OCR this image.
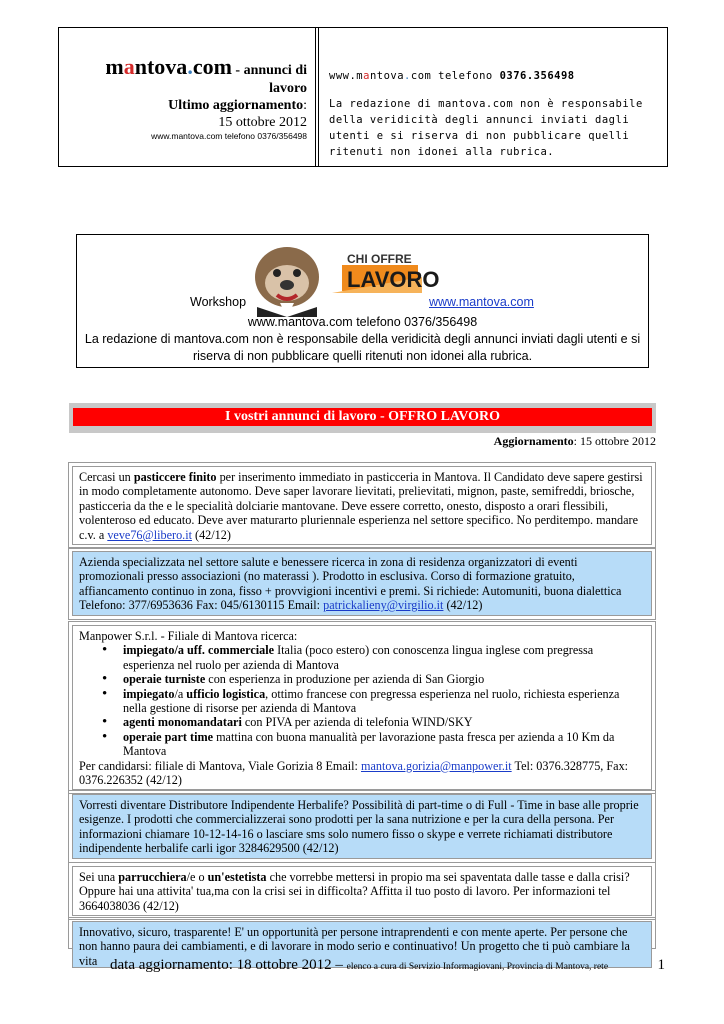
mantova.com - annunci di
lavoro
Ultimo aggiornamento:
15 ottobre 2012
www.mantova.com telefono 0376/356498
www.mantova.com telefono 0376.356498
La redazione di mantova.com non è responsabile della veridicità degli annunci inviati dagli utenti e si riserva di non pubblicare quelli ritenuti non idonei alla rubrica.
CHI OFFRE
LAVORO
Workshop	www.mantova.com
www.mantova.com telefono 0376/356498
La redazione di mantova.com non è responsabile della veridicità degli annunci inviati dagli utenti e si
riserva di non pubblicare quelli ritenuti non idonei alla rubrica.
I vostri annunci di lavoro - OFFRO LAVORO
Aggiornamento: 15 ottobre 2012
Cercasi un pasticcere finito per inserimento immediato in pasticceria in Mantova. Il Candidato deve sapere gestirsi in modo completamente autonomo. Deve saper lavorare lievitati, prelievitati, mignon, paste, semifreddi, briosche, pasticceria da the e le specialità dolciarie mantovane. Deve essere corretto, onesto, disposto a orari flessibili, volenteroso ed educato. Deve aver maturarto pluriennale esperienza nel settore specifico. No perditempo. mandare c.v. a veve76@libero.it (42/12)
Azienda specializzata nel settore salute e benessere ricerca in zona di residenza organizzatori di eventi promozionali presso associazioni (no materassi ). Prodotto in esclusiva. Corso di formazione gratuito, affiancamento continuo in zona, fisso + provvigioni incentivi e premi. Si richiede: Automuniti, buona dialettica Telefono: 377/6953636 Fax: 045/6130115 Email: patrickalieny@virgilio.it (42/12)
Manpower S.r.l. - Filiale di Mantova ricerca:
• impiegato/a uff. commerciale Italia (poco estero) con conoscenza lingua inglese com pregressa esperienza nel ruolo per azienda di Mantova
• operaie turniste con esperienza in produzione per azienda di San Giorgio
• impiegato/a ufficio logistica, ottimo francese con pregressa esperienza nel ruolo, richiesta esperienza nella gestione di risorse per azienda di Mantova
• agenti monomandatari con PIVA per azienda di telefonia WIND/SKY
• operaie part time mattina con buona manualità per lavorazione pasta fresca per azienda a 10 Km da Mantova
Per candidarsi: filiale di Mantova, Viale Gorizia 8 Email: mantova.gorizia@manpower.it Tel: 0376.328775, Fax: 0376.226352 (42/12)
Vorresti diventare Distributore Indipendente Herbalife? Possibilità di part-time o di Full - Time in base alle proprie esigenze. I prodotti che commercializzerai sono prodotti per la sana nutrizione e per la cura della persona. Per informazioni chiamare 10-12-14-16 o lasciare sms solo numero fisso o skype e verrete richiamati distributore indipendente herbalife carli igor 3284629500 (42/12)
Sei una parrucchiera/e o un'estetista che vorrebbe mettersi in propio ma sei spaventata dalle tasse e dalla crisi? Oppure hai una attivita' tua,ma con la crisi sei in difficolta? Affitta il tuo posto di lavoro. Per informazioni tel 3664038036 (42/12)
Innovativo, sicuro, trasparente! E' un opportunità per persone intraprendenti e con mente aperte. Per persone che non hanno paura dei cambiamenti, e di lavorare in modo serio e continuativo! Un progetto che ti può cambiare la vita data aggiornamento: 18 ottobre 2012 – elenco a cura di Servizio Informagiovani, Provincia di Mantova, rete	1
